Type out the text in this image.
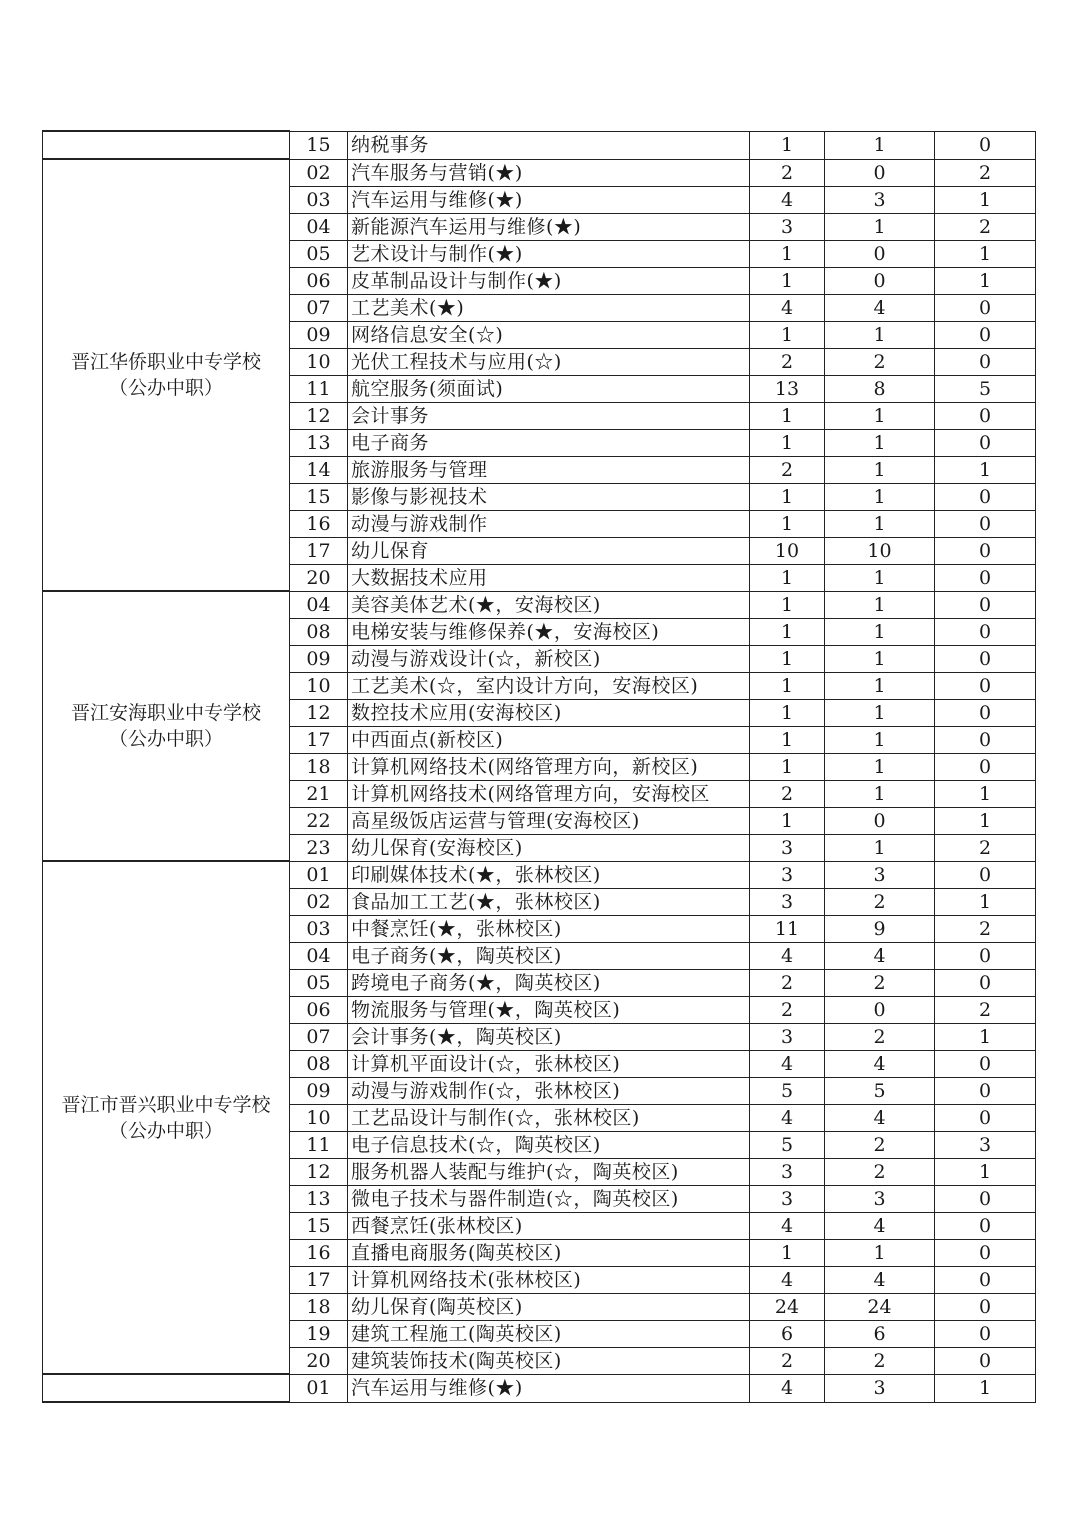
	15	纳税事务	1	1	0

晋江华侨职业中专学校
（公办中职）	02	汽车服务与营销(★)	2	0	2
	03	汽车运用与维修(★)	4	3	1
	04	新能源汽车运用与维修(★)	3	1	2
	05	艺术设计与制作(★)	1	0	1
	06	皮革制品设计与制作(★)	1	0	1
	07	工艺美术(★)	4	4	0
	09	网络信息安全(☆)	1	1	0
	10	光伏工程技术与应用(☆)	2	2	0
	11	航空服务(须面试)	13	8	5
	12	会计事务	1	1	0
	13	电子商务	1	1	0
	14	旅游服务与管理	2	1	1
	15	影像与影视技术	1	1	0
	16	动漫与游戏制作	1	1	0
	17	幼儿保育	10	10	0
	20	大数据技术应用	1	1	0

晋江安海职业中专学校
（公办中职）	04	美容美体艺术(★，安海校区)	1	1	0
	08	电梯安装与维修保养(★，安海校区)	1	1	0
	09	动漫与游戏设计(☆，新校区)	1	1	0
	10	工艺美术(☆，室内设计方向，安海校区)	1	1	0
	12	数控技术应用(安海校区)	1	1	0
	17	中西面点(新校区)	1	1	0
	18	计算机网络技术(网络管理方向，新校区)	1	1	0
	21	计算机网络技术(网络管理方向，安海校区	2	1	1
	22	高星级饭店运营与管理(安海校区)	1	0	1
	23	幼儿保育(安海校区)	3	1	2

晋江市晋兴职业中专学校
（公办中职）	01	印刷媒体技术(★，张林校区)	3	3	0
	02	食品加工工艺(★，张林校区)	3	2	1
	03	中餐烹饪(★，张林校区)	11	9	2
	04	电子商务(★，陶英校区)	4	4	0
	05	跨境电子商务(★，陶英校区)	2	2	0
	06	物流服务与管理(★，陶英校区)	2	0	2
	07	会计事务(★，陶英校区)	3	2	1
	08	计算机平面设计(☆，张林校区)	4	4	0
	09	动漫与游戏制作(☆，张林校区)	5	5	0
	10	工艺品设计与制作(☆，张林校区)	4	4	0
	11	电子信息技术(☆，陶英校区)	5	2	3
	12	服务机器人装配与维护(☆，陶英校区)	3	2	1
	13	微电子技术与器件制造(☆，陶英校区)	3	3	0
	15	西餐烹饪(张林校区)	4	4	0
	16	直播电商服务(陶英校区)	1	1	0
	17	计算机网络技术(张林校区)	4	4	0
	18	幼儿保育(陶英校区)	24	24	0
	19	建筑工程施工(陶英校区)	6	6	0
	20	建筑装饰技术(陶英校区)	2	2	0

	01	汽车运用与维修(★)	4	3	1
